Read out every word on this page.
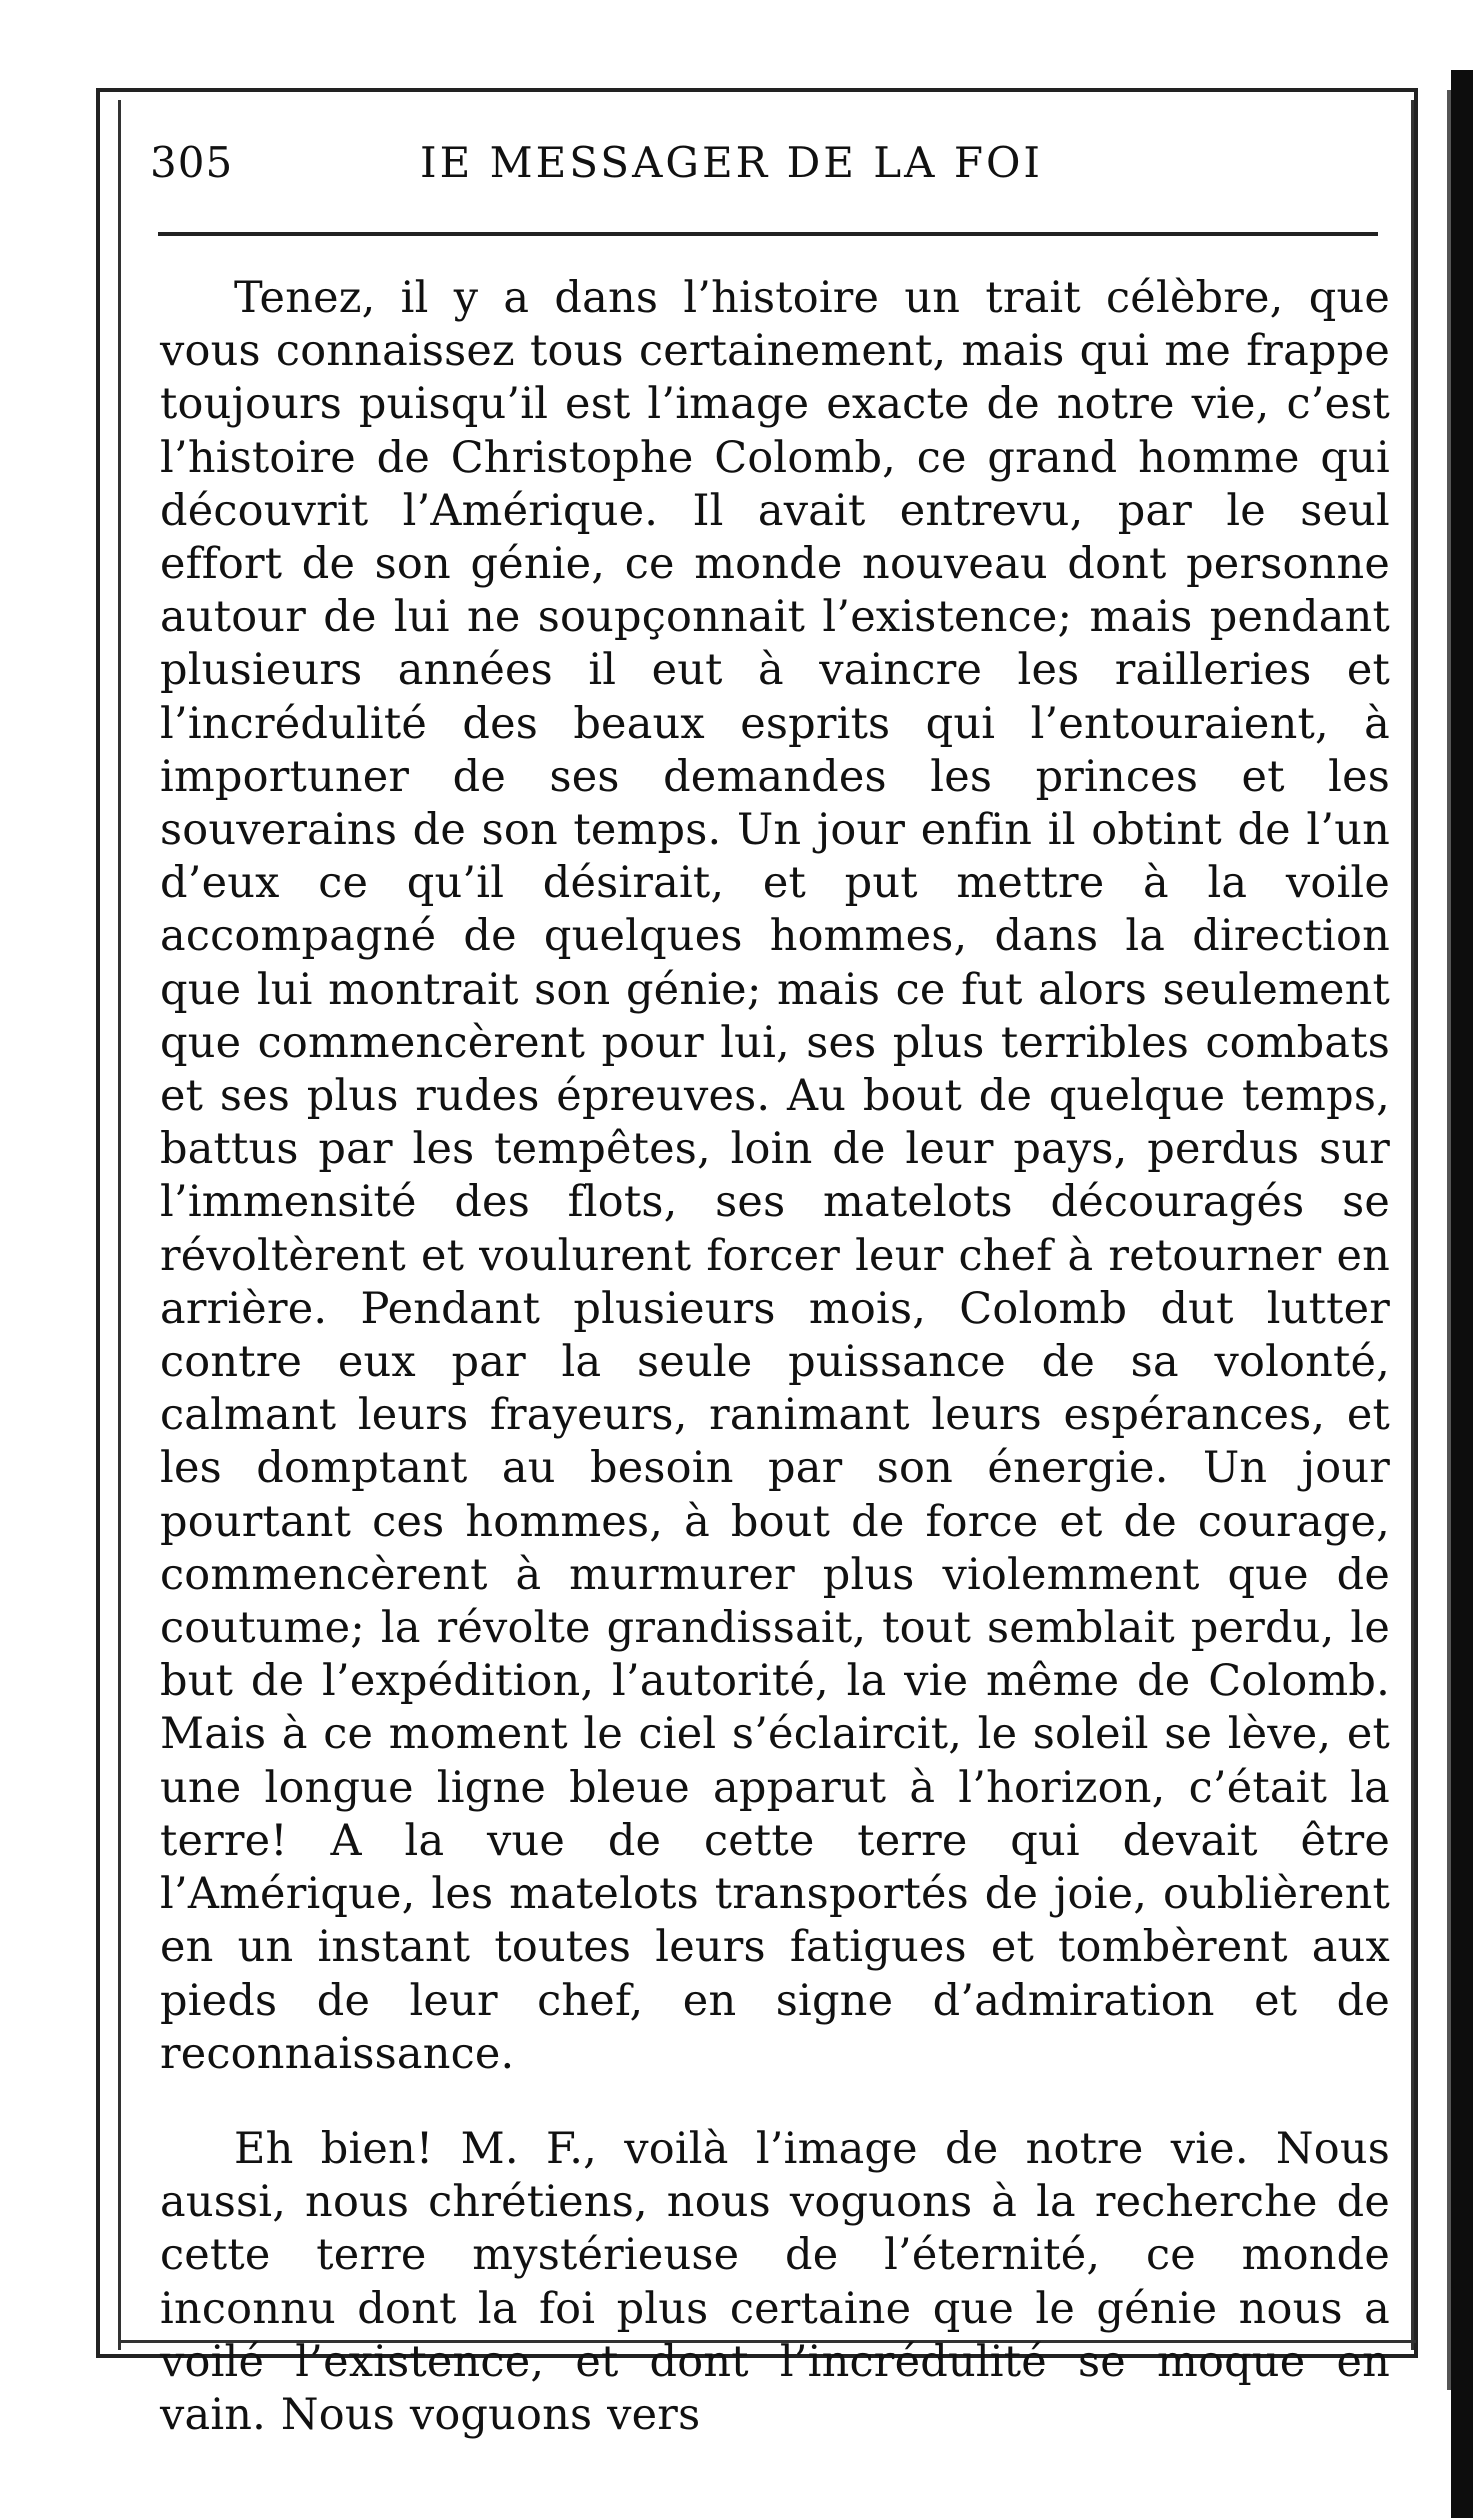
305	IE MESSAGER DE LA FOI

Tenez, il y a dans l’histoire un trait célèbre, que vous connaissez tous certainement, mais qui me frappe toujours puisqu’il est l’image exacte de notre vie, c’est l’histoire de Christophe Colomb, ce grand homme qui découvrit l’Amérique. Il avait entrevu, par le seul effort de son génie, ce monde nouveau dont personne autour de lui ne soupçonnait l’existence; mais pendant plusieurs années il eut à vaincre les railleries et l’incrédulité des beaux esprits qui l’entouraient, à importuner de ses demandes les princes et les souverains de son temps. Un jour enfin il obtint de l’un d’eux ce qu’il désirait, et put mettre à la voile accompagné de quelques hommes, dans la direction que lui montrait son génie; mais ce fut alors seulement que commencèrent pour lui, ses plus terribles combats et ses plus rudes épreuves. Au bout de quelque temps, battus par les tempêtes, loin de leur pays, perdus sur l’immensité des flots, ses matelots découragés se révoltèrent et voulurent forcer leur chef à retourner en arrière. Pendant plusieurs mois, Colomb dut lutter contre eux par la seule puissance de sa volonté, calmant leurs frayeurs, ranimant leurs espérances, et les domptant au besoin par son énergie. Un jour pourtant ces hommes, à bout de force et de courage, commencèrent à murmurer plus violemment que de coutume; la révolte grandissait, tout semblait perdu, le but de l’expédition, l’autorité, la vie même de Colomb. Mais à ce moment le ciel s’éclaircit, le soleil se lève, et une longue ligne bleue apparut à l’horizon, c’était la terre! A la vue de cette terre qui devait être l’Amérique, les matelots transportés de joie, oublièrent en un instant toutes leurs fatigues et tombèrent aux pieds de leur chef, en signe d’admiration et de reconnaissance.

Eh bien! M. F., voilà l’image de notre vie. Nous aussi, nous chrétiens, nous voguons à la recherche de cette terre mystérieuse de l’éternité, ce monde inconnu dont la foi plus certaine que le génie nous a voilé l’existence, et dont l’incrédulité se moque en vain. Nous voguons vers
